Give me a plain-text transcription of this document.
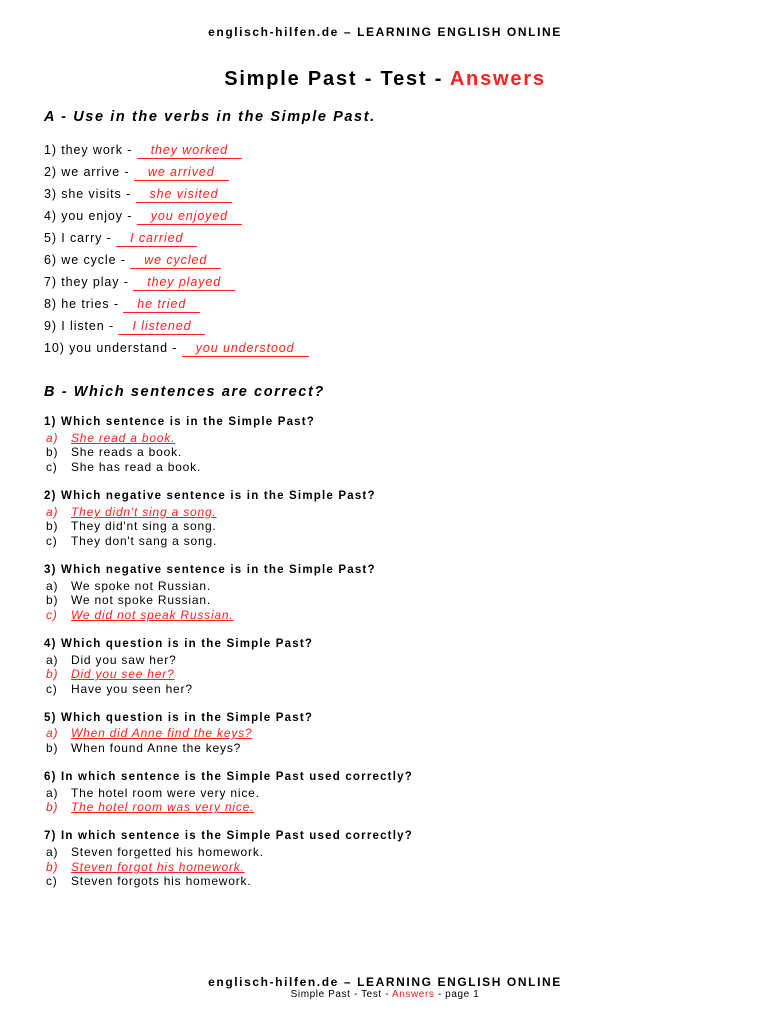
englisch-hilfen.de – LEARNING ENGLISH ONLINE
Simple Past - Test - Answers
A - Use in the verbs in the Simple Past.
1) they work - they worked
2) we arrive - we arrived
3) she visits - she visited
4) you enjoy - you enjoyed
5) I carry - I carried
6) we cycle - we cycled
7) they play - they played
8) he tries - he tried
9) I listen - I listened
10) you understand - you understood
B - Which sentences are correct?
1) Which sentence is in the Simple Past?
a) She read a book.
b) She reads a book.
c) She has read a book.
2) Which negative sentence is in the Simple Past?
a) They didn't sing a song.
b) They did'nt sing a song.
c) They don't sang a song.
3) Which negative sentence is in the Simple Past?
a) We spoke not Russian.
b) We not spoke Russian.
c) We did not speak Russian.
4) Which question is in the Simple Past?
a) Did you saw her?
b) Did you see her?
c) Have you seen her?
5) Which question is in the Simple Past?
a) When did Anne find the keys?
b) When found Anne the keys?
6) In which sentence is the Simple Past used correctly?
a) The hotel room were very nice.
b) The hotel room was very nice.
7) In which sentence is the Simple Past used correctly?
a) Steven forgetted his homework.
b) Steven forgot his homework.
c) Steven forgots his homework.
englisch-hilfen.de – LEARNING ENGLISH ONLINE
Simple Past - Test - Answers - page 1
